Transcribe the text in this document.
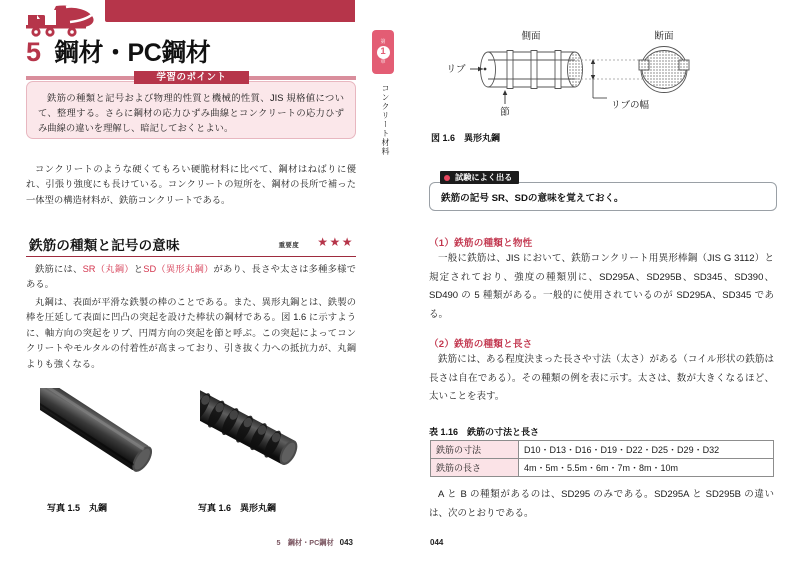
5 鋼材・PC鋼材
学習のポイント
鉄筋の種類と記号および物理的性質と機械的性質、JIS 規格値について、整理する。さらに鋼材の応力ひずみ曲線とコンクリートの応力ひずみ曲線の違いを理解し、暗記しておくとよい。
コンクリートのような硬くてもろい硬脆材料に比べて、鋼材はねばりに優れ、引張り強度にも長けている。コンクリートの短所を、鋼材の長所で補った一体型の構造材料が、鉄筋コンクリートである。
鉄筋の種類と記号の意味	重要度 ★★★
鉄筋には、SR（丸鋼）とSD（異形丸鋼）があり、長さや太さは多種多様である。
丸鋼は、表面が平滑な鉄製の棒のことである。また、異形丸鋼とは、鉄製の棒を圧延して表面に凹凸の突起を設けた棒状の鋼材である。図 1.6 に示すように、軸方向の突起をリブ、円周方向の突起を節と呼ぶ。この突起によってコンクリートやモルタルの付着性が高まっており、引き抜く力への抵抗力が、丸鋼よりも強くなる。
写真 1.5　丸鋼	写真 1.6　異形丸鋼
5　鋼材・PC鋼材 043
第
1
章
コンクリート材料
側面	断面
リブ
節
リブの幅
図 1.6　異形丸鋼
試験によく出る
鉄筋の記号 SR、SDの意味を覚えておく。
（1）鉄筋の種類と物性
一般に鉄筋は、JIS において、鉄筋コンクリート用異形棒鋼（JIS G 3112）と規定されており、強度の種類別に、SD295A、SD295B、SD345、SD390、SD490 の 5 種類がある。一般的に使用されているのが SD295A、SD345 である。
（2）鉄筋の種類と長さ
鉄筋には、ある程度決まった長さや寸法（太さ）がある（コイル形状の鉄筋は長さは自在である）。その種類の例を表に示す。太さは、数が大きくなるほど、太いことを表す。
表 1.16　鉄筋の寸法と長さ
鉄筋の寸法	D10・D13・D16・D19・D22・D25・D29・D32
鉄筋の長さ	4m・5m・5.5m・6m・7m・8m・10m
A と B の種類があるのは、SD295 のみである。SD295A と SD295B の違いは、次のとおりである。
044
